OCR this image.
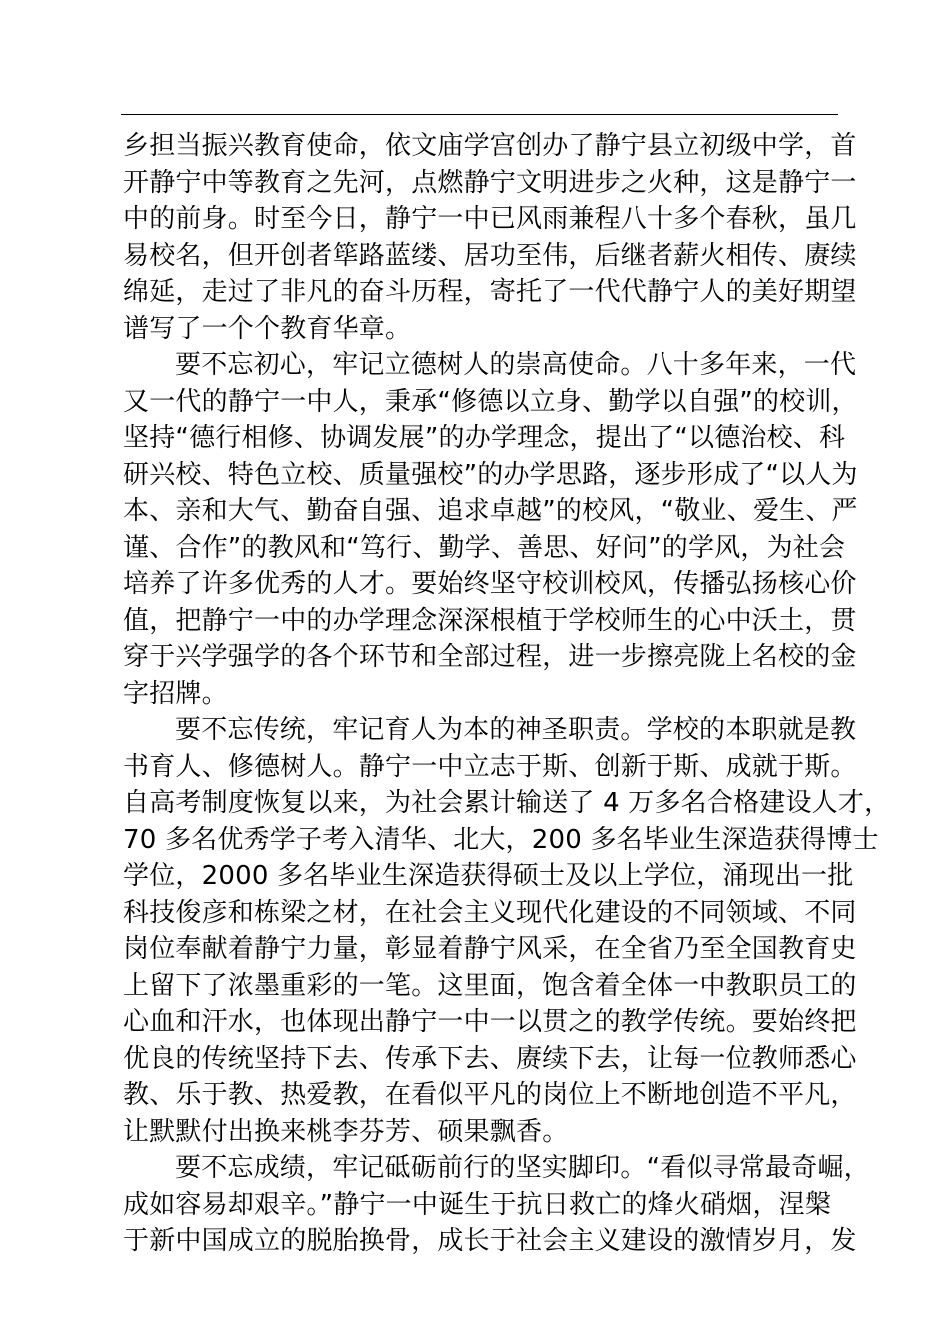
乡担当振兴教育使命，依文庙学宫创办了静宁县立初级中学，首
开静宁中等教育之先河，点燃静宁文明进步之火种，这是静宁一
中的前身。时至今日，静宁一中已风雨兼程八十多个春秋，虽几
易校名，但开创者筚路蓝缕、居功至伟，后继者薪火相传、赓续
绵延，走过了非凡的奋斗历程，寄托了一代代静宁人的美好期望
谱写了一个个教育华章。
要不忘初心，牢记立德树人的崇高使命。八十多年来，一代
又一代的静宁一中人，秉承“修德以立身、勤学以自强”的校训，
坚持“德行相修、协调发展”的办学理念，提出了“以德治校、科
研兴校、特色立校、质量强校”的办学思路，逐步形成了“以人为
本、亲和大气、勤奋自强、追求卓越”的校风，“敬业、爱生、严
谨、合作”的教风和“笃行、勤学、善思、好问”的学风，为社会
培养了许多优秀的人才。要始终坚守校训校风，传播弘扬核心价
值，把静宁一中的办学理念深深根植于学校师生的心中沃土，贯
穿于兴学强学的各个环节和全部过程，进一步擦亮陇上名校的金
字招牌。
要不忘传统，牢记育人为本的神圣职责。学校的本职就是教
书育人、修德树人。静宁一中立志于斯、创新于斯、成就于斯。
自高考制度恢复以来，为社会累计输送了 4 万多名合格建设人才，
70 多名优秀学子考入清华、北大，200 多名毕业生深造获得博士
学位，2000 多名毕业生深造获得硕士及以上学位，涌现出一批
科技俊彦和栋梁之材，在社会主义现代化建设的不同领域、不同
岗位奉献着静宁力量，彰显着静宁风采，在全省乃至全国教育史
上留下了浓墨重彩的一笔。这里面，饱含着全体一中教职员工的
心血和汗水，也体现出静宁一中一以贯之的教学传统。要始终把
优良的传统坚持下去、传承下去、赓续下去，让每一位教师悉心
教、乐于教、热爱教，在看似平凡的岗位上不断地创造不平凡，
让默默付出换来桃李芬芳、硕果飘香。
要不忘成绩，牢记砥砺前行的坚实脚印。“看似寻常最奇崛，
成如容易却艰辛。”静宁一中诞生于抗日救亡的烽火硝烟，涅槃
于新中国成立的脱胎换骨，成长于社会主义建设的激情岁月，发
